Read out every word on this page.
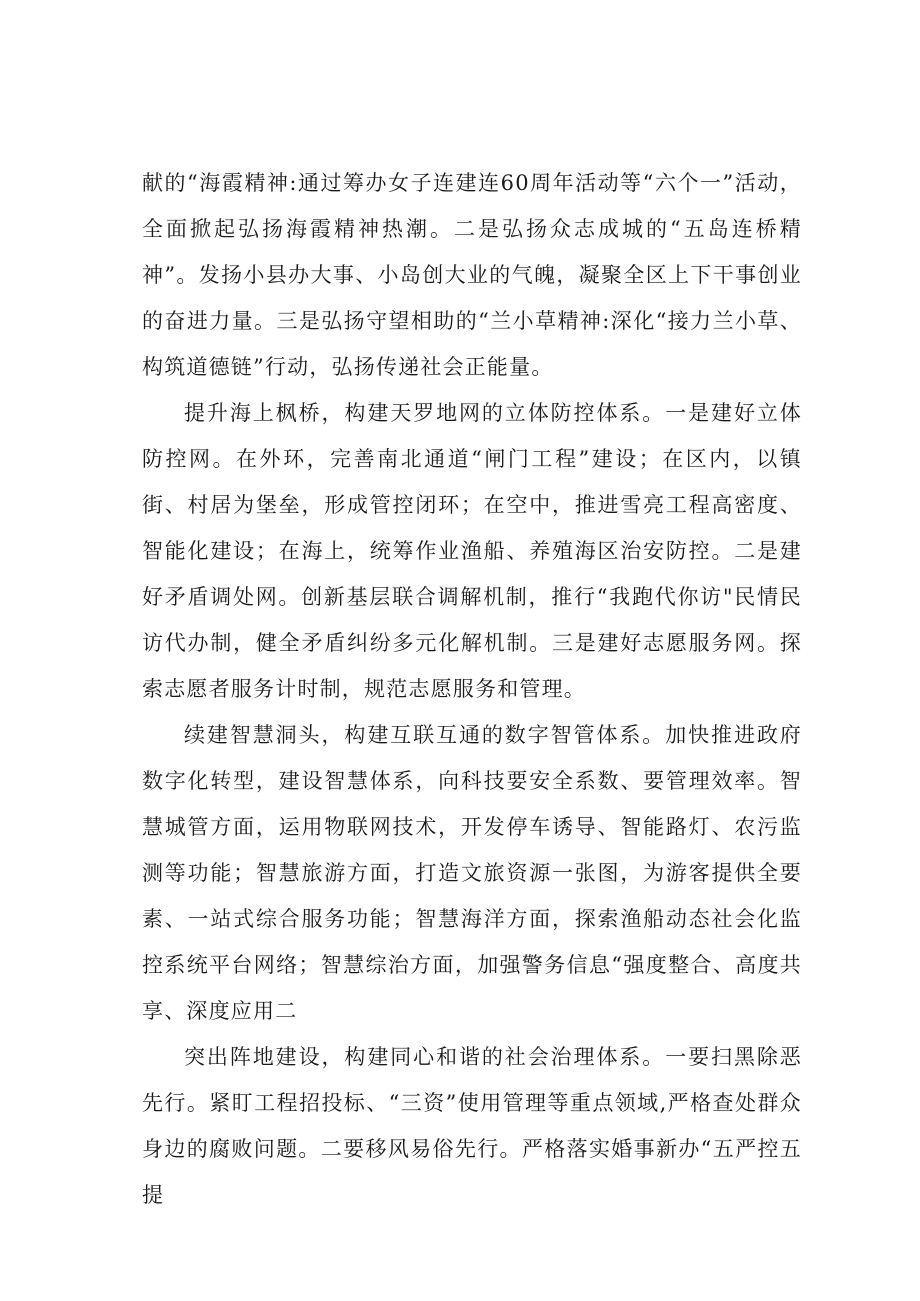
献的“海霞精神:通过筹办女子连建连60周年活动等“六个一”活动，全面掀起弘扬海霞精神热潮。二是弘扬众志成城的“五岛连桥精神”。发扬小县办大事、小岛创大业的气魄，凝聚全区上下干事创业的奋进力量。三是弘扬守望相助的“兰小草精神:深化“接力兰小草、构筑道德链”行动，弘扬传递社会正能量。

提升海上枫桥，构建天罗地网的立体防控体系。一是建好立体防控网。在外环，完善南北通道“闸门工程”建设；在区内，以镇街、村居为堡垒，形成管控闭环；在空中，推进雪亮工程高密度、智能化建设；在海上，统筹作业渔船、养殖海区治安防控。二是建好矛盾调处网。创新基层联合调解机制，推行“我跑代你访"民情民访代办制，健全矛盾纠纷多元化解机制。三是建好志愿服务网。探索志愿者服务计时制，规范志愿服务和管理。

续建智慧洞头，构建互联互通的数字智管体系。加快推进政府数字化转型，建设智慧体系，向科技要安全系数、要管理效率。智慧城管方面，运用物联网技术，开发停车诱导、智能路灯、农污监测等功能；智慧旅游方面，打造文旅资源一张图，为游客提供全要素、一站式综合服务功能；智慧海洋方面，探索渔船动态社会化监控系统平台网络；智慧综治方面，加强警务信息“强度整合、高度共享、深度应用二

突出阵地建设，构建同心和谐的社会治理体系。一要扫黑除恶先行。紧盯工程招投标、“三资”使用管理等重点领域,严格查处群众身边的腐败问题。二要移风易俗先行。严格落实婚事新办“五严控五提
